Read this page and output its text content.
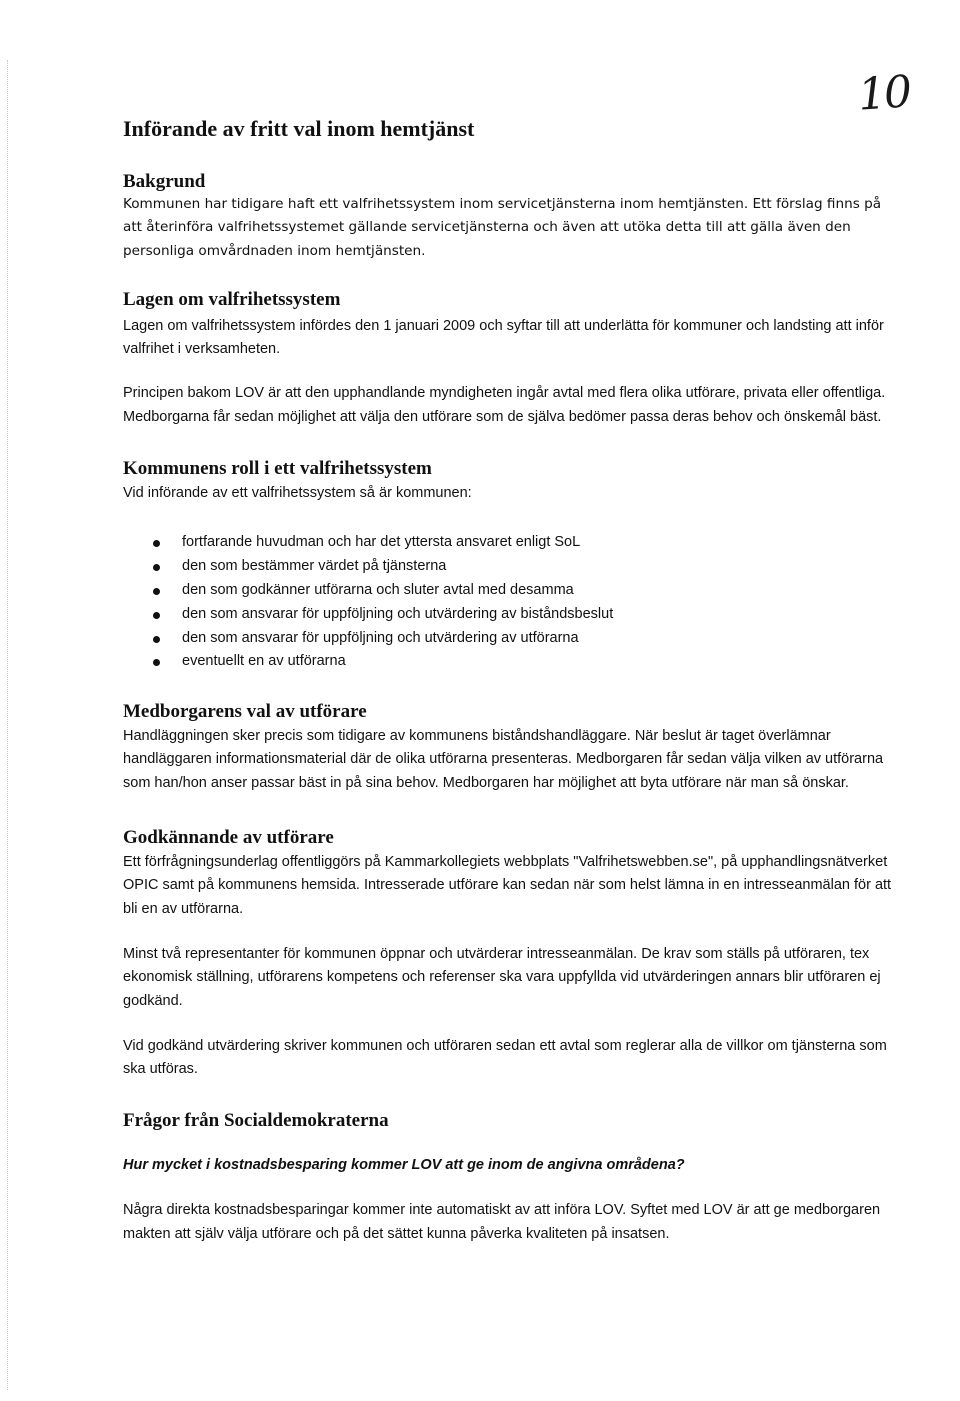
10
Införande av fritt val inom hemtjänst
Bakgrund

Kommunen har tidigare haft ett valfrihetssystem inom servicetjänsterna inom hemtjänsten. Ett förslag finns på att återinföra valfrihetssystemet gällande servicetjänsterna och även att utöka detta till att gälla även den personliga omvårdnaden inom hemtjänsten.

Lagen om valfrihetssystem

Lagen om valfrihetssystem infördes den 1 januari 2009 och syftar till att underlätta för kommuner och landsting att inför valfrihet i verksamheten.

Principen bakom LOV är att den upphandlande myndigheten ingår avtal med flera olika utförare, privata eller offentliga. Medborgarna får sedan möjlighet att välja den utförare som de själva bedömer passa deras behov och önskemål bäst.

Kommunens roll i ett valfrihetssystem

Vid införande av ett valfrihetssystem så är kommunen:

fortfarande huvudman och har det yttersta ansvaret enligt SoL
den som bestämmer värdet på tjänsterna
den som godkänner utförarna och sluter avtal med desamma
den som ansvarar för uppföljning och utvärdering av biståndsbeslut
den som ansvarar för uppföljning och utvärdering av utförarna
eventuellt en av utförarna
Medborgarens val av utförare

Handläggningen sker precis som tidigare av kommunens biståndshandläggare. När beslut är taget överlämnar handläggaren informationsmaterial där de olika utförarna presenteras. Medborgaren får sedan välja vilken av utförarna som han/hon anser passar bäst in på sina behov. Medborgaren har möjlighet att byta utförare när man så önskar.

Godkännande av utförare

Ett förfrågningsunderlag offentliggörs på Kammarkollegiets webbplats "Valfrihetswebben.se", på upphandlingsnätverket OPIC samt på kommunens hemsida. Intresserade utförare kan sedan när som helst lämna in en intresseanmälan för att bli en av utförarna.

Minst två representanter för kommunen öppnar och utvärderar intresseanmälan. De krav som ställs på utföraren, tex ekonomisk ställning, utförarens kompetens och referenser ska vara uppfyllda vid utvärderingen annars blir utföraren ej godkänd.

Vid godkänd utvärdering skriver kommunen och utföraren sedan ett avtal som reglerar alla de villkor om tjänsterna som ska utföras.

Frågor från Socialdemokraterna

Hur mycket i kostnadsbesparing kommer LOV att ge inom de angivna områdena?

Några direkta kostnadsbesparingar kommer inte automatiskt av att införa LOV. Syftet med LOV är att ge medborgaren makten att själv välja utförare och på det sättet kunna påverka kvaliteten på insatsen.
